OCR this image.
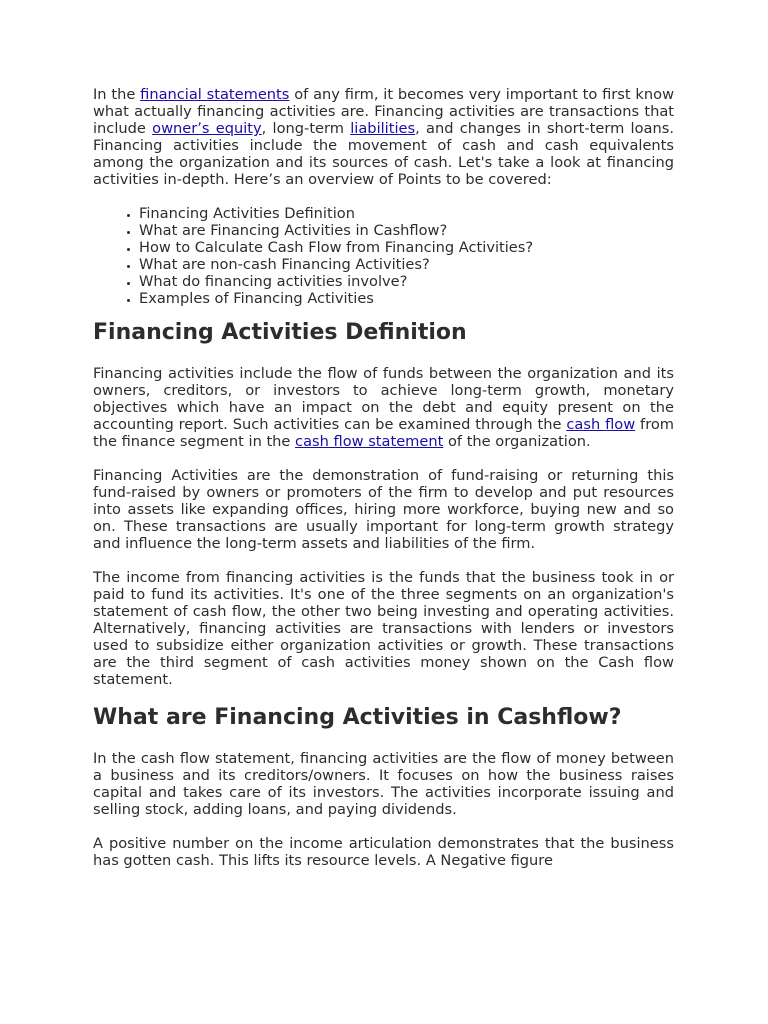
In the financial statements of any firm, it becomes very important to first know what actually financing activities are. Financing activities are transactions that include owner’s equity, long-term liabilities, and changes in short-term loans. Financing activities include the movement of cash and cash equivalents among the organization and its sources of cash. Let's take a look at financing activities in-depth. Here’s an overview of Points to be covered:

• Financing Activities Definition
• What are Financing Activities in Cashflow?
• How to Calculate Cash Flow from Financing Activities?
• What are non-cash Financing Activities?
• What do financing activities involve?
• Examples of Financing Activities
Financing Activities Definition

Financing activities include the flow of funds between the organization and its owners, creditors, or investors to achieve long-term growth, monetary objectives which have an impact on the debt and equity present on the accounting report. Such activities can be examined through the cash flow from the finance segment in the cash flow statement of the organization.

Financing Activities are the demonstration of fund-raising or returning this fund-raised by owners or promoters of the firm to develop and put resources into assets like expanding offices, hiring more workforce, buying new and so on. These transactions are usually important for long-term growth strategy and influence the long-term assets and liabilities of the firm.

The income from financing activities is the funds that the business took in or paid to fund its activities. It's one of the three segments on an organization's statement of cash flow, the other two being investing and operating activities. Alternatively, financing activities are transactions with lenders or investors used to subsidize either organization activities or growth. These transactions are the third segment of cash activities money shown on the Cash flow statement.

What are Financing Activities in Cashflow?

In the cash flow statement, financing activities are the flow of money between a business and its creditors/owners. It focuses on how the business raises capital and takes care of its investors. The activities incorporate issuing and selling stock, adding loans, and paying dividends.

A positive number on the income articulation demonstrates that the business has gotten cash. This lifts its resource levels. A Negative figure
